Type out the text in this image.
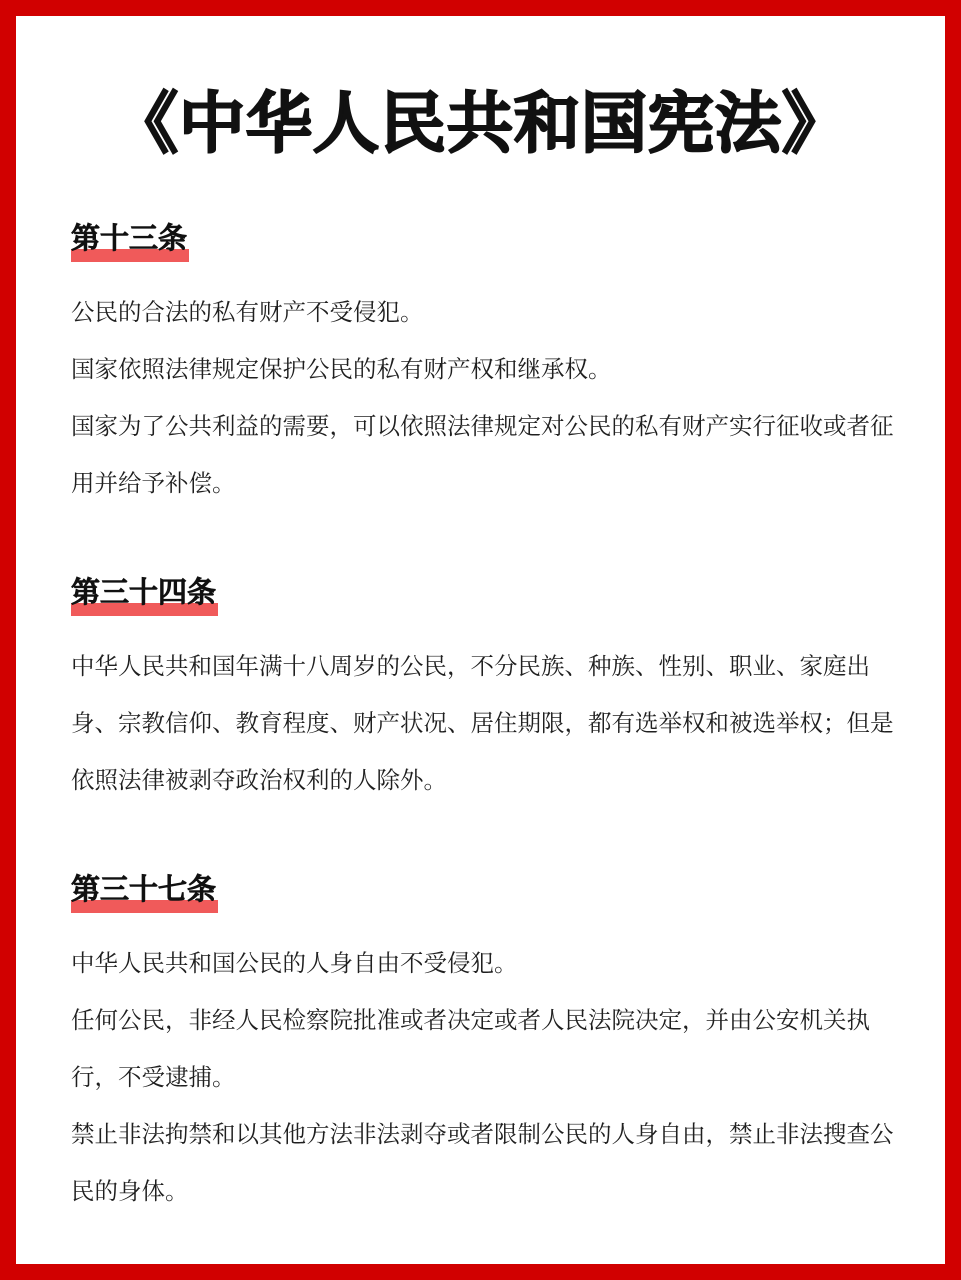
《中华人民共和国宪法》
第十三条

公民的合法的私有财产不受侵犯。

国家依照法律规定保护公民的私有财产权和继承权。

国家为了公共利益的需要，可以依照法律规定对公民的私有财产实行征收或者征用并给予补偿。

第三十四条

中华人民共和国年满十八周岁的公民，不分民族、种族、性别、职业、家庭出身、宗教信仰、教育程度、财产状况、居住期限，都有选举权和被选举权；但是依照法律被剥夺政治权利的人除外。

第三十七条

中华人民共和国公民的人身自由不受侵犯。

任何公民，非经人民检察院批准或者决定或者人民法院决定，并由公安机关执行，不受逮捕。

禁止非法拘禁和以其他方法非法剥夺或者限制公民的人身自由，禁止非法搜查公民的身体。
